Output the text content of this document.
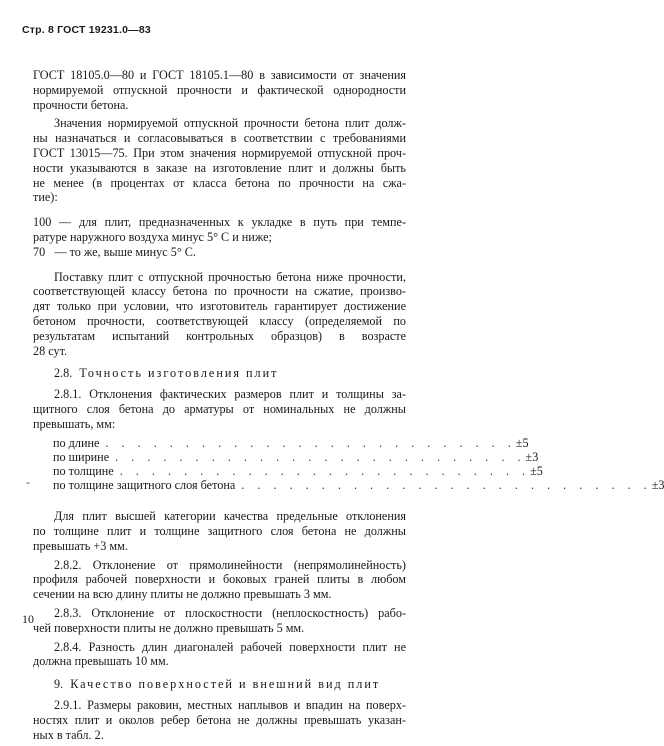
Стр. 8 ГОСТ 19231.0—83

ГОСТ 18105.0—80 и ГОСТ 18105.1—80 в зависимости от значения
нормируемой отпускной прочности и фактической однородности
прочности бетона.

Значения нормируемой отпускной прочности бетона плит долж-
ны назначаться и согласовываться в соответствии с требованиями
ГОСТ 13015—75. При этом значения нормируемой отпускной проч-
ности указываются в заказе на изготовление плит и должны быть
не менее (в процентах от класса бетона по прочности на сжа-
тие):

100 — для плит, предназначенных к укладке в путь при темпе-
ратуре наружного воздуха минус 5° С и ниже; 70   — то же, выше минус 5° С.

Поставку плит с отпускной прочностью бетона ниже прочности,
соответствующей классу бетона по прочности на сжатие, произво-
дят только при условии, что изготовитель гарантирует достижение
бетоном прочности, соответствующей классу (определяемой по
результатам испытаний контрольных образцов) в возрасте
28 сут.

2.8. Точность изготовления плит

2.8.1. Отклонения фактических размеров плит и толщины за-
щитного слоя бетона до арматуры от номинальных не должны
превышать, мм:

по длине . . . . . . . . . . . . . . . . . . . . . . . . . . ±5
по ширине . . . . . . . . . . . . . . . . . . . . . . . . . . ±3
по толщине . . . . . . . . . . . . . . . . . . . . . . . . . . ±5
по толщине защитного слоя бетона . . . . . . . . . . . . . . . . . . . . . . . . . . ±3

Для плит высшей категории качества предельные отклонения
по толщине плит и толщине защитного слоя бетона не должны
превышать +3 мм.

2.8.2. Отклонение от прямолинейности (непрямолинейность)
профиля рабочей поверхности и боковых граней плиты в любом
сечении на всю длину плиты не должно превышать 3 мм.

2.8.3. Отклонение от плоскостности (неплоскостность) рабо-
чей поверхности плиты не должно превышать 5 мм.

2.8.4. Разность длин диагоналей рабочей поверхности плит не
должна превышать 10 мм.

9. Качество поверхностей и внешний вид плит

2.9.1. Размеры раковин, местных наплывов и впадин на поверх-
ностях плит и околов ребер бетона не должны превышать указан-
ных в табл. 2.

-
10
